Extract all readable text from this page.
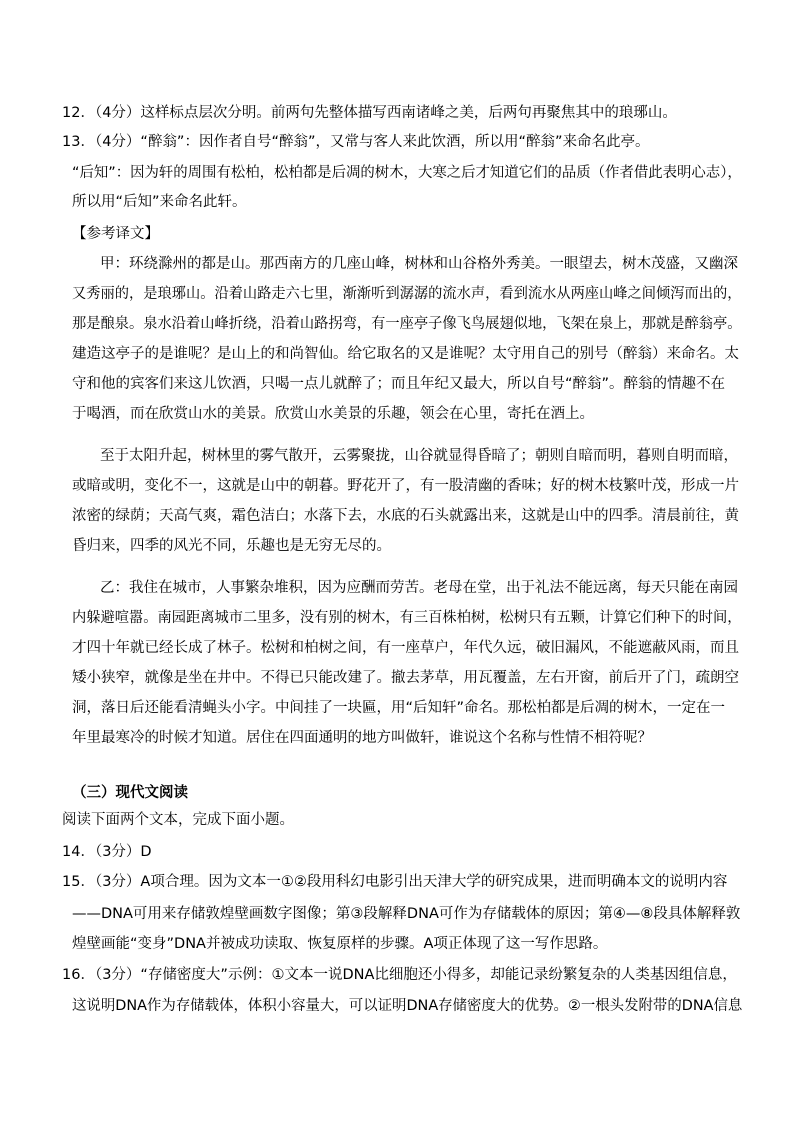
12．（4分）这样标点层次分明。前两句先整体描写西南诸峰之美，后两句再聚焦其中的琅琊山。

13．（4分）“醉翁”：因作者自号“醉翁”，又常与客人来此饮酒，所以用“醉翁”来命名此亭。

“后知”：因为轩的周围有松柏，松柏都是后凋的树木，大寒之后才知道它们的品质（作者借此表明心志），

所以用“后知”来命名此轩。

【参考译文】

甲：环绕滁州的都是山。那西南方的几座山峰，树林和山谷格外秀美。一眼望去，树木茂盛，又幽深

又秀丽的，是琅琊山。沿着山路走六七里，渐渐听到潺潺的流水声，看到流水从两座山峰之间倾泻而出的，

那是酿泉。泉水沿着山峰折绕，沿着山路拐弯，有一座亭子像飞鸟展翅似地，飞架在泉上，那就是醉翁亭。

建造这亭子的是谁呢？是山上的和尚智仙。给它取名的又是谁呢？太守用自己的别号（醉翁）来命名。太

守和他的宾客们来这儿饮酒，只喝一点儿就醉了；而且年纪又最大，所以自号“醉翁”。醉翁的情趣不在

于喝酒，而在欣赏山水的美景。欣赏山水美景的乐趣，领会在心里，寄托在酒上。

至于太阳升起，树林里的雾气散开，云雾聚拢，山谷就显得昏暗了；朝则自暗而明，暮则自明而暗，

或暗或明，变化不一，这就是山中的朝暮。野花开了，有一股清幽的香味；好的树木枝繁叶茂，形成一片

浓密的绿荫；天高气爽，霜色洁白；水落下去，水底的石头就露出来，这就是山中的四季。清晨前往，黄

昏归来，四季的风光不同，乐趣也是无穷无尽的。

乙：我住在城市，人事繁杂堆积，因为应酬而劳苦。老母在堂，出于礼法不能远离，每天只能在南园

内躲避喧嚣。南园距离城市二里多，没有别的树木，有三百株柏树，松树只有五颗，计算它们种下的时间，

才四十年就已经长成了林子。松树和柏树之间，有一座草户，年代久远，破旧漏风，不能遮蔽风雨，而且

矮小狭窄，就像是坐在井中。不得已只能改建了。撤去茅草，用瓦覆盖，左右开窗，前后开了门，疏朗空

洞，落日后还能看清蝇头小字。中间挂了一块匾，用“后知轩”命名。那松柏都是后凋的树木，一定在一

年里最寒冷的时候才知道。居住在四面通明的地方叫做轩，谁说这个名称与性情不相符呢？

（三）现代文阅读

阅读下面两个文本，完成下面小题。

14．（3分）D

15．（3分）A项合理。因为文本一①②段用科幻电影引出天津大学的研究成果，进而明确本文的说明内容

——DNA可用来存储敦煌壁画数字图像；第③段解释DNA可作为存储载体的原因；第④—⑧段具体解释敦

煌壁画能“变身”DNA并被成功读取、恢复原样的步骤。A项正体现了这一写作思路。

16．（3分）“存储密度大”示例：①文本一说DNA比细胞还小得多，却能记录纷繁复杂的人类基因组信息，

这说明DNA作为存储载体，体积小容量大，可以证明DNA存储密度大的优势。②一根头发附带的DNA信息
